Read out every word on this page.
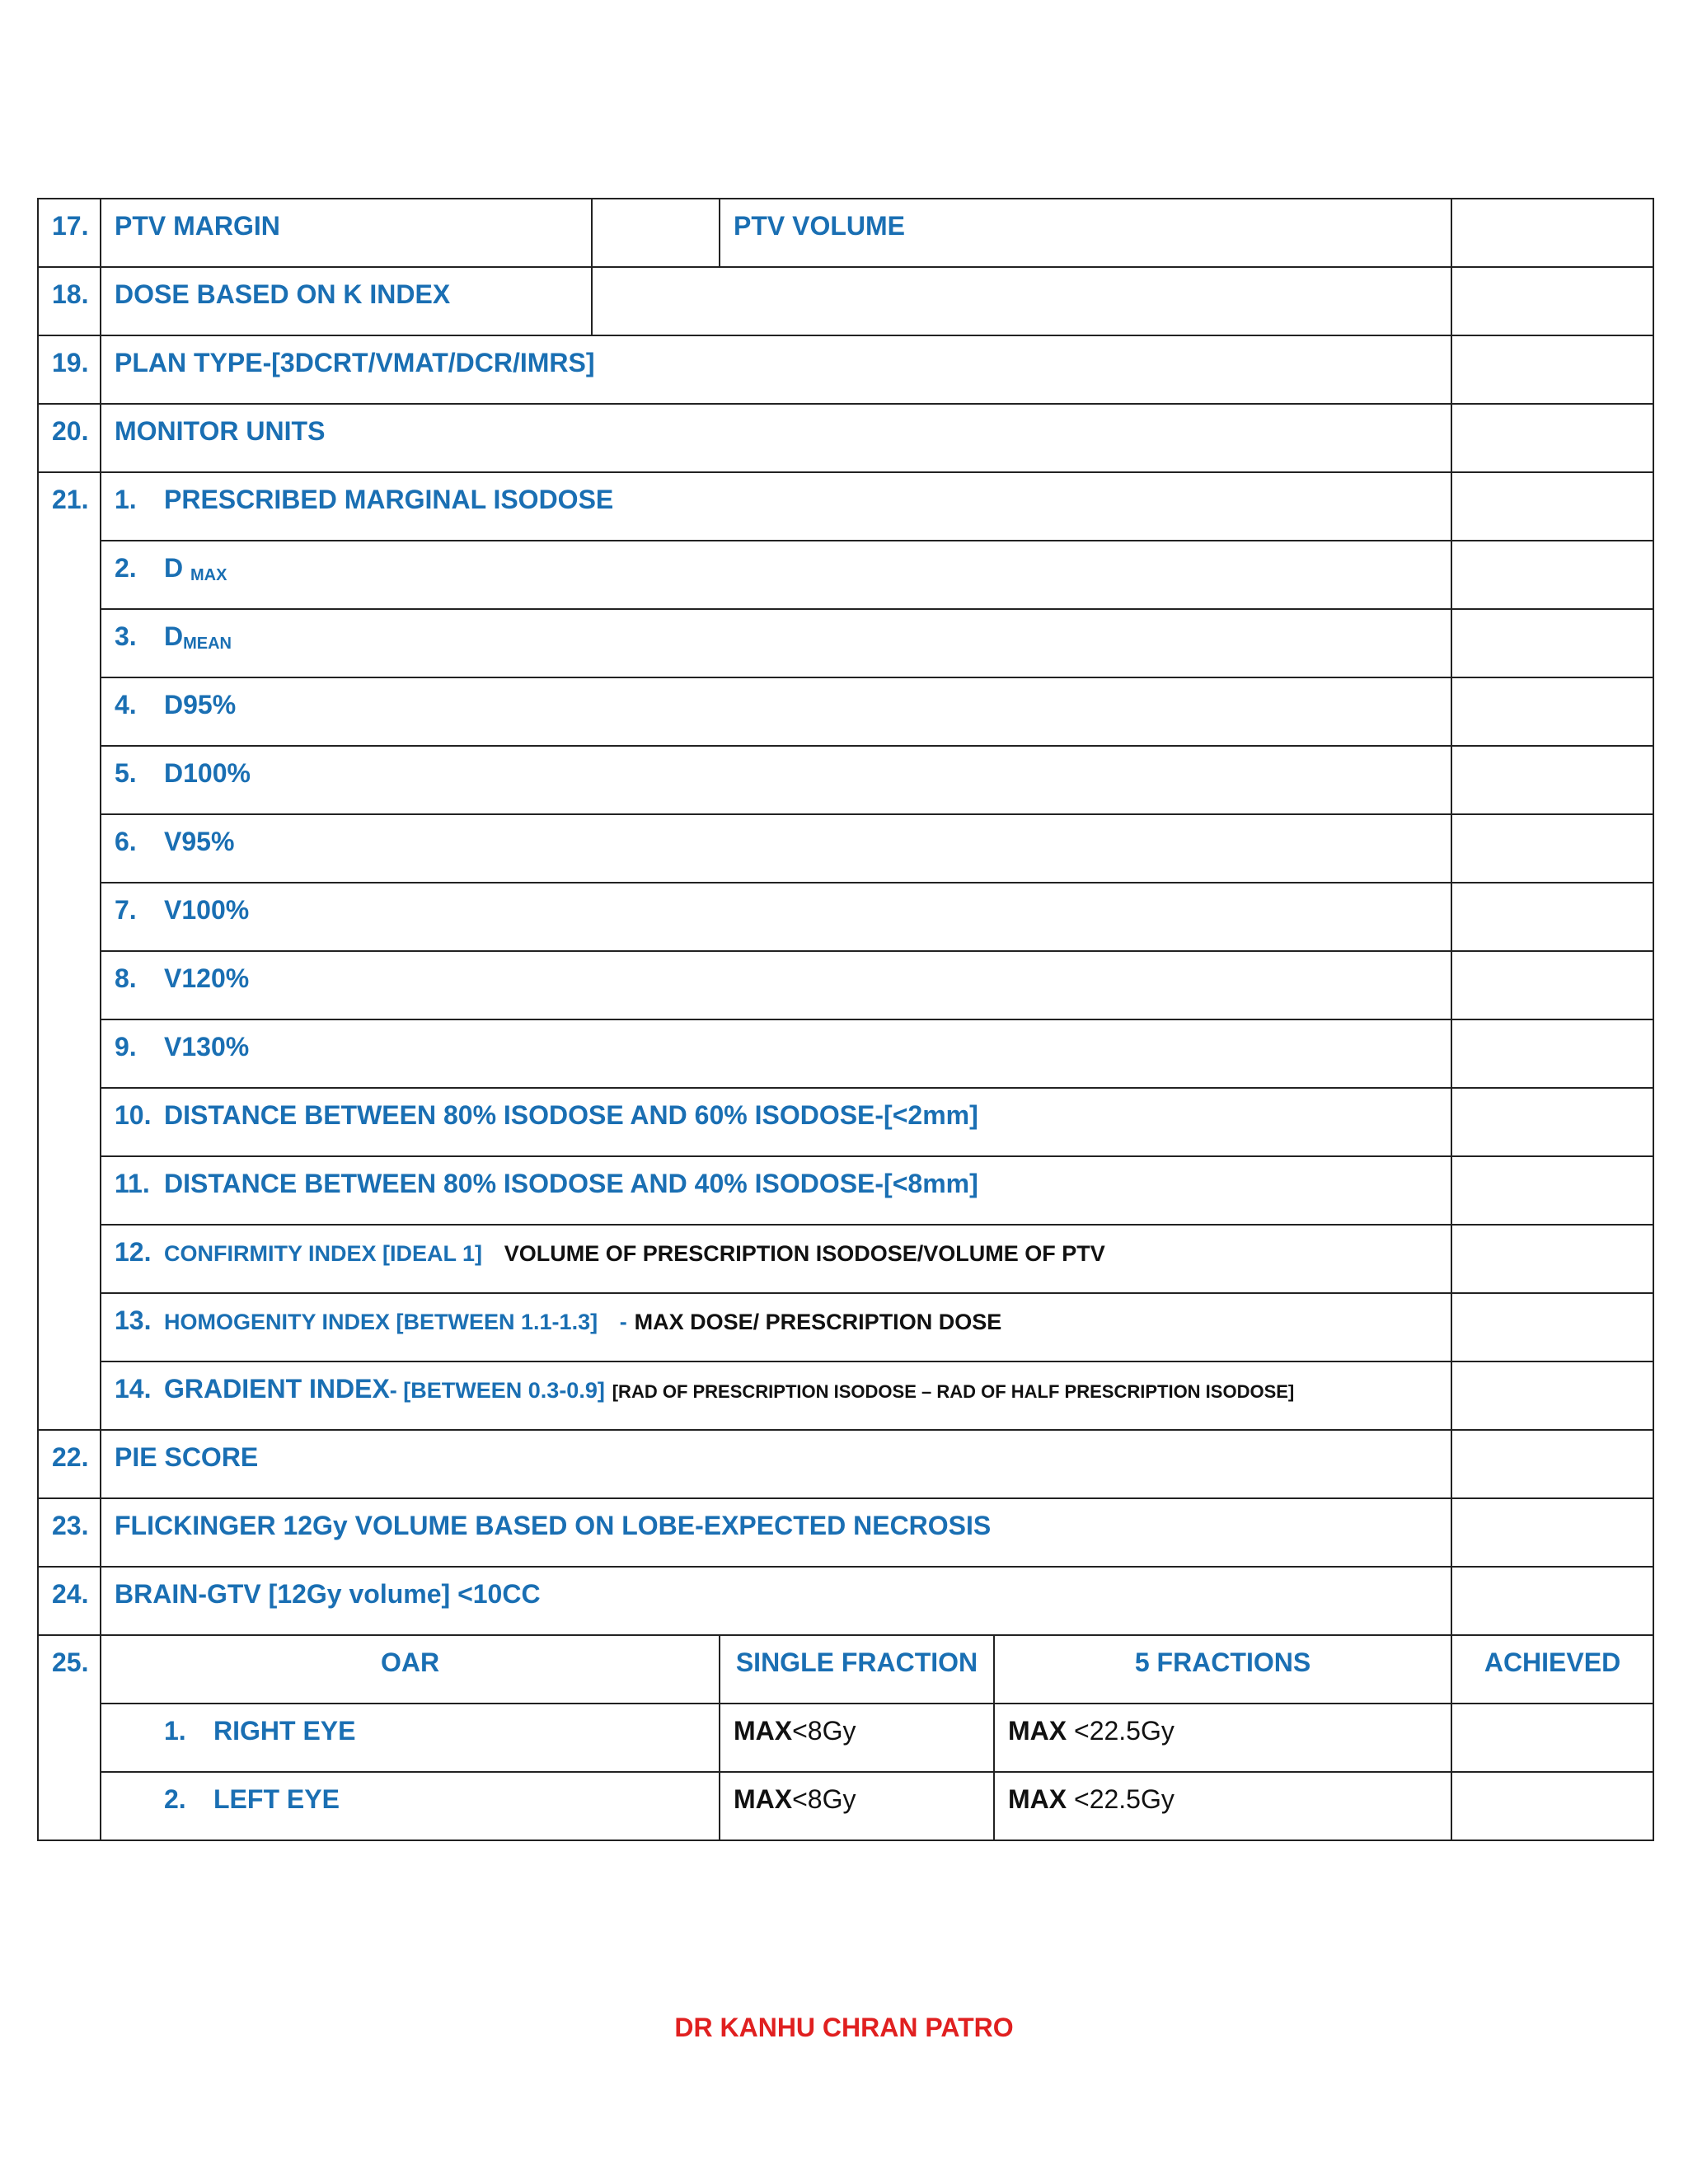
17.	PTV MARGIN		PTV VOLUME		
18.	DOSE BASED ON K INDEX				
19.	PLAN TYPE-[3DCRT/VMAT/DCR/IMRS]				
20.	MONITOR UNITS				
21.	1. PRESCRIBED MARGINAL ISODOSE				
	2. D $_{MAX}$	
	3. $D_{MEAN}$	
	4. D95%				
	5. D100%				
	6. V95%				
	7. V100%				
	8. V120%				
	9. V130%				
	10. DISTANCE BETWEEN 80% ISODOSE AND 60% ISODOSE-[<2mm]				
	11. DISTANCE BETWEEN 80% ISODOSE AND 40% ISODOSE-[<8mm]				
	12. CONFIRMITY INDEX [IDEAL 1] VOLUME OF PRESCRIPTION ISODOSE/VOLUME OF PTV				
	13. HOMOGENITY INDEX [BETWEEN 1.1-1.3] - MAX DOSE/ PRESCRIPTION DOSE				
	14. GRADIENT INDEX- [BETWEEN 0.3-0.9] [RAD OF PRESCRIPTION ISODOSE – RAD OF HALF PRESCRIPTION ISODOSE]				
22.	PIE SCORE				
23.	FLICKINGER 12Gy VOLUME BASED ON LOBE-EXPECTED NECROSIS				
24.	BRAIN-GTV [12Gy volume] <10CC				
25.	OAR		SINGLE FRACTION	5 FRACTIONS	ACHIEVED
	1. RIGHT EYE		MAX<8Gy	MAX <22.5Gy	
	2. LEFT EYE		MAX<8Gy	MAX <22.5Gy	
DR KANHU CHRAN PATRO
